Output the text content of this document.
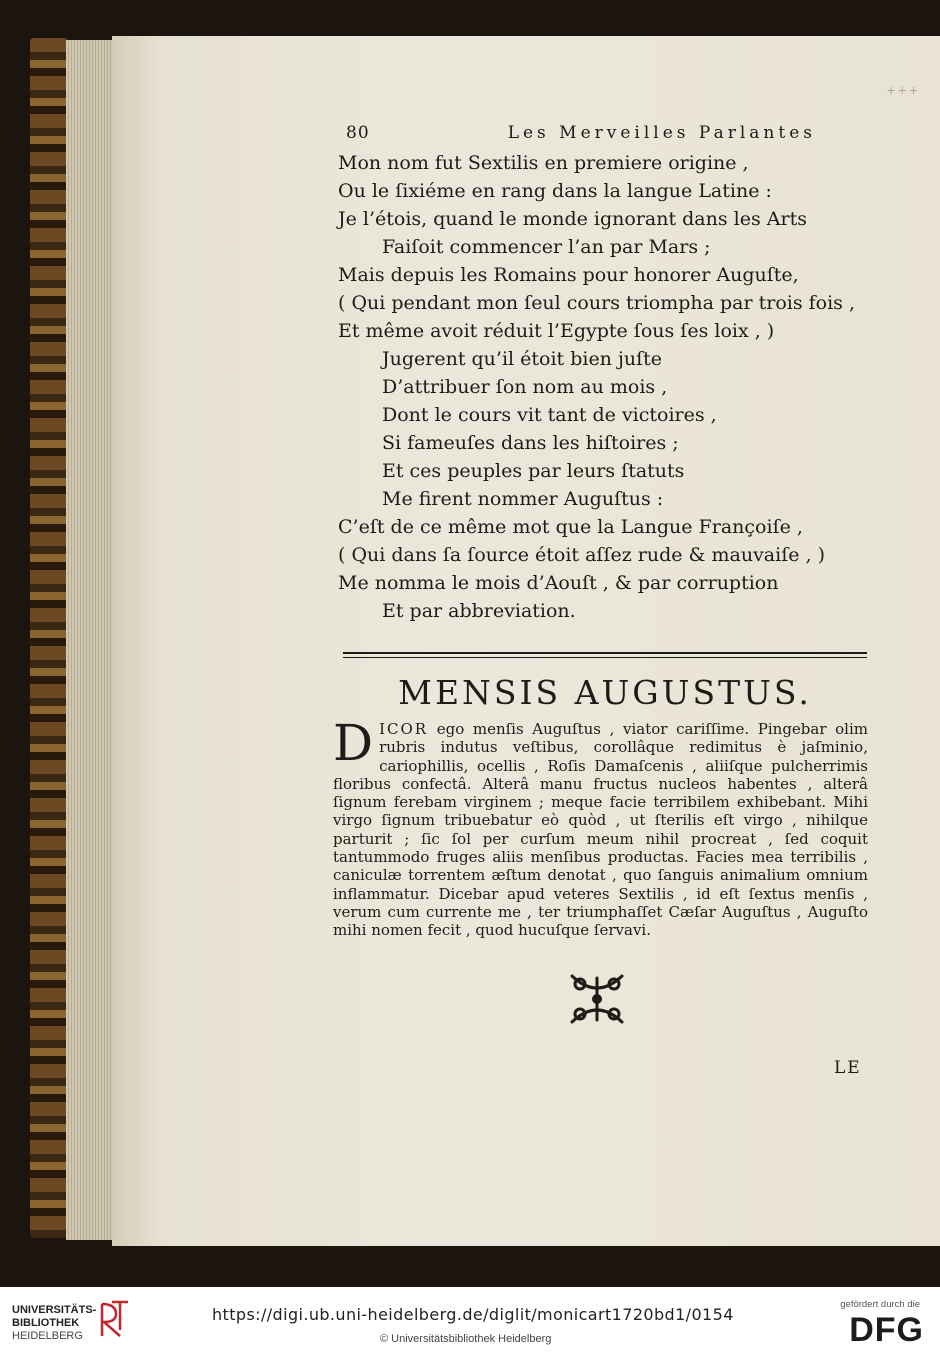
+++
80	Les Merveilles Parlantes
Mon nom fut Sextilis en premiere origine ,
Ou le ſixiéme en rang dans la langue Latine :
Je l’étois, quand le monde ignorant dans les Arts
Faiſoit commencer l’an par Mars ;
Mais depuis les Romains pour honorer Auguſte,
( Qui pendant mon ſeul cours triompha par trois fois ,
Et même avoit réduit l’Egypte ſous ſes loix , )
Jugerent qu’il étoit bien juſte
D’attribuer ſon nom au mois ,
Dont le cours vit tant de victoires ,
Si fameuſes dans les hiſtoires ;
Et ces peuples par leurs ſtatuts
Me firent nommer Auguſtus :
C’eſt de ce même mot que la Langue Françoiſe ,
( Qui dans ſa ſource étoit aſſez rude & mauvaiſe , )
Me nomma le mois d’Aouſt , & par corruption
Et par abbreviation.
MENSIS AUGUSTUS.
DICOR ego menſis Auguſtus , viator cariſſime. Pingebar olim rubris indutus veſtibus, corollâque redimitus è jaſminio, cariophillis, ocellis , Roſis Damaſcenis , aliiſque pulcherrimis floribus confectâ. Alterâ manu fructus nucleos habentes , alterâ ſignum ferebam virginem ; meque facie terribilem exhibebant. Mihi virgo ſignum tribuebatur eò quòd , ut ſterilis eſt virgo , nihilque parturit ; ſic ſol per curſum meum nihil procreat , ſed coquit tantummodo fruges aliis menſibus productas. Facies mea terribilis , caniculæ torrentem æſtum denotat , quo ſanguis animalium omnium inflammatur. Dicebar apud veteres Sextilis , id eſt ſextus menſis , verum cum currente me , ter triumphaſſet Cæſar Auguſtus , Auguſto mihi nomen fecit , quod hucuſque ſervavi.
LE
UNIVERSITÄTS-
BIBLIOTHEK
HEIDELBERG
https://digi.ub.uni-heidelberg.de/diglit/monicart1720bd1/0154
© Universitätsbibliothek Heidelberg
gefördert durch die
DFG
